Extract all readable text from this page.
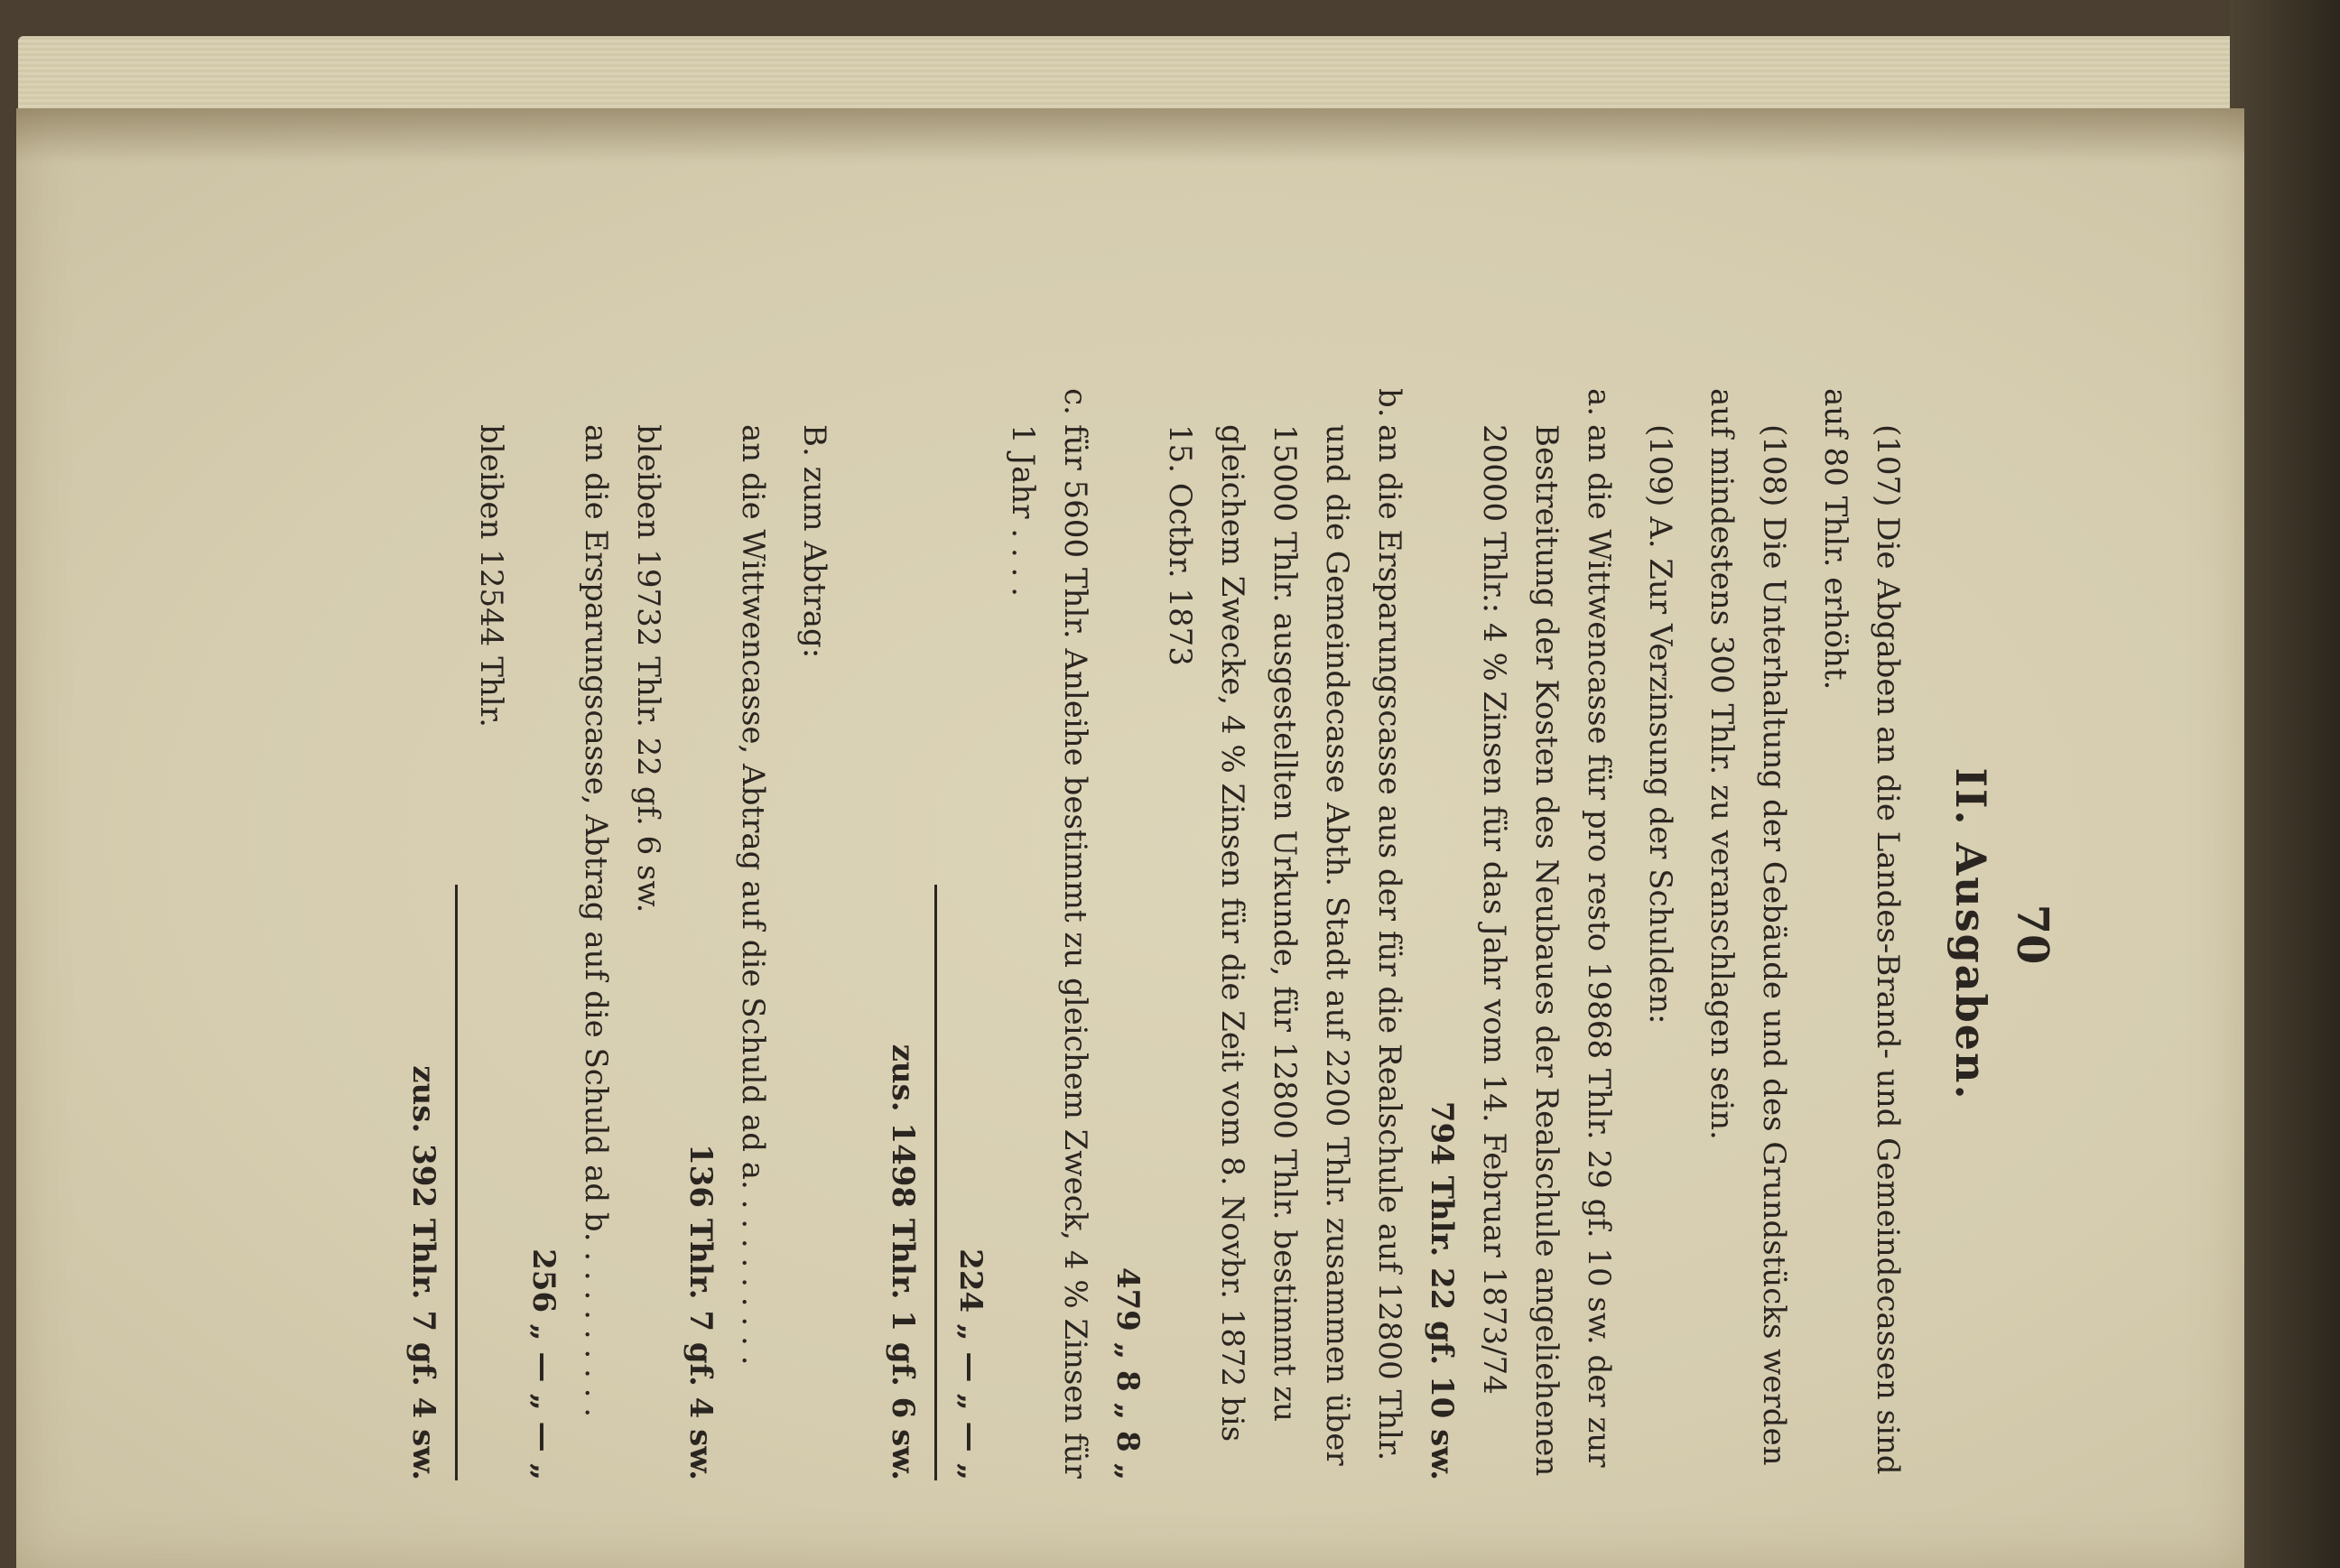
70
II. Ausgaben.

(107) Die Abgaben an die Landes-Brand- und Gemeindecassen sind auf 80 Thlr. erhöht.

(108) Die Unterhaltung der Gebäude und des Grundstücks werden auf mindestens 300 Thlr. zu veranschlagen sein.

(109) A. Zur Verzinsung der Schulden:

a.
an die Wittwencasse für pro resto 19868 Thlr. 29 gf. 10 sw. der zur Bestreitung der Kosten des Neubaues der Realschule angeliehenen 20000 Thlr.: 4 % Zinsen für das Jahr vom 14. Februar 1873/74
794 Thlr. 22 gf. 10 sw.
b.
an die Ersparungscasse aus der für die Realschule auf 12800 Thlr. und die Gemeindecasse Abth. Stadt auf 2200 Thlr. zusammen über 15000 Thlr. ausgestellten Urkunde, für 12800 Thlr. bestimmt zu gleichem Zwecke, 4 % Zinsen für die Zeit vom 8. Novbr. 1872 bis 15. Octbr. 1873
479 „ 8 „ 8 „
c.
für 5600 Thlr. Anleihe bestimmt zu gleichem Zweck, 4 % Zinsen für 1 Jahr . . . .
224 „ — „ — „
zus. 1498 Thlr. 1 gf. 6 sw.

B. zum Abtrag:

an die Wittwencasse, Abtrag auf die Schuld ad a. . . . . . . . . .
136 Thlr. 7 gf. 4 sw.
bleiben 19732 Thlr. 22 gf. 6 sw.
an die Ersparungscasse, Abtrag auf die Schuld ad b. . . . . . . . . .
256 „ — „ — „
bleiben 12544 Thlr.
zus. 392 Thlr. 7 gf. 4 sw.
